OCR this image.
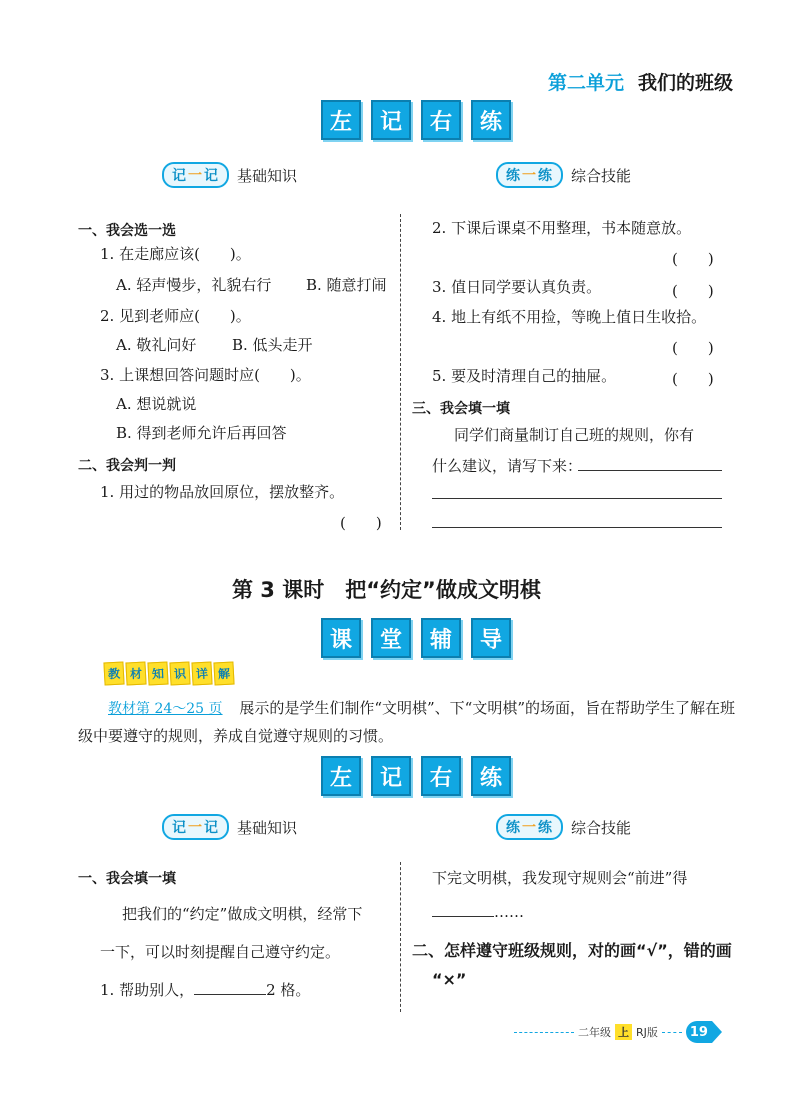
第二单元 我们的班级
左	记	右	练
记 一 记 基础知识	练 一 练 综合技能
一、我会选一选
1. 在走廊应该(　　)。
A. 轻声慢步，礼貌右行 B. 随意打闹
2. 见到老师应(　　)。
A. 敬礼问好 B. 低头走开
3. 上课想回答问题时应(　　)。
A. 想说就说
B. 得到老师允许后再回答
二、我会判一判
1. 用过的物品放回原位，摆放整齐。
(　　)
2. 下课后课桌不用整理，书本随意放。
(　　)
3. 值日同学要认真负责。	(　　)
4. 地上有纸不用捡，等晚上值日生收拾。
(　　)
5. 要及时清理自己的抽屉。	(　　)
三、我会填一填
同学们商量制订自己班的规则，你有
什么建议，请写下来：
第 3 课时　把“约定”做成文明棋
课	堂	辅	导
教 材 知 识 详 解
教材第 24～25 页 展示的是学生们制作“文明棋”、下“文明棋”的场面，旨在帮助学生了解在班
级中要遵守的规则，养成自觉遵守规则的习惯。
左	记	右	练
记 一 记 基础知识	练 一 练 综合技能
一、我会填一填
把我们的“约定”做成文明棋，经常下
一下，可以时刻提醒自己遵守约定。
1. 帮助别人，	2 格。
下完文明棋，我发现守规则会“前进”得
……
二、怎样遵守班级规则，对的画“√”，错的画
“×”
二年级 上 RJ版	19
